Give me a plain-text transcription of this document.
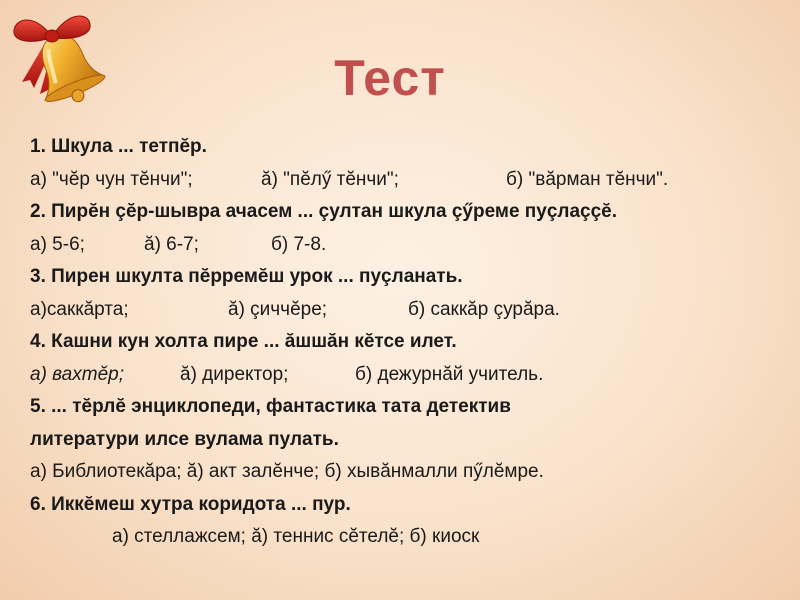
Тест
1. Шкула ... тетпĕр.
а) "чĕр чун тĕнчи";	ă) "пĕлӳ тĕнчи";	б) "вăрман тĕнчи".
2. Пирĕн çĕр-шывра ачасем ... çултан шкула çӳреме пуçлаççĕ.
а) 5-6;	ă) 6-7;	б) 7-8.
3. Пирен шкултa пĕрремĕш урок ... пуçланать.
а)саккăрта;	ă) çиччĕре;	б) саккăр çурăра.
4. Кашни кун холта пире ... ăшшăн кĕтсе илет.
а) вахтĕр;	ă) директор;	б) дежурнăй учитель.
5. ... тĕрлĕ энциклопеди, фантастика тата детектив
литератури илсе вулама пулать.
а) Библиотекăра; ă) акт залĕнче; б) хывăнмалли пӳлĕмре.
6. Иккĕмеш хутра коридота ... пур.
а) стеллажсем; ă) теннис сĕтелĕ; б) киоск
